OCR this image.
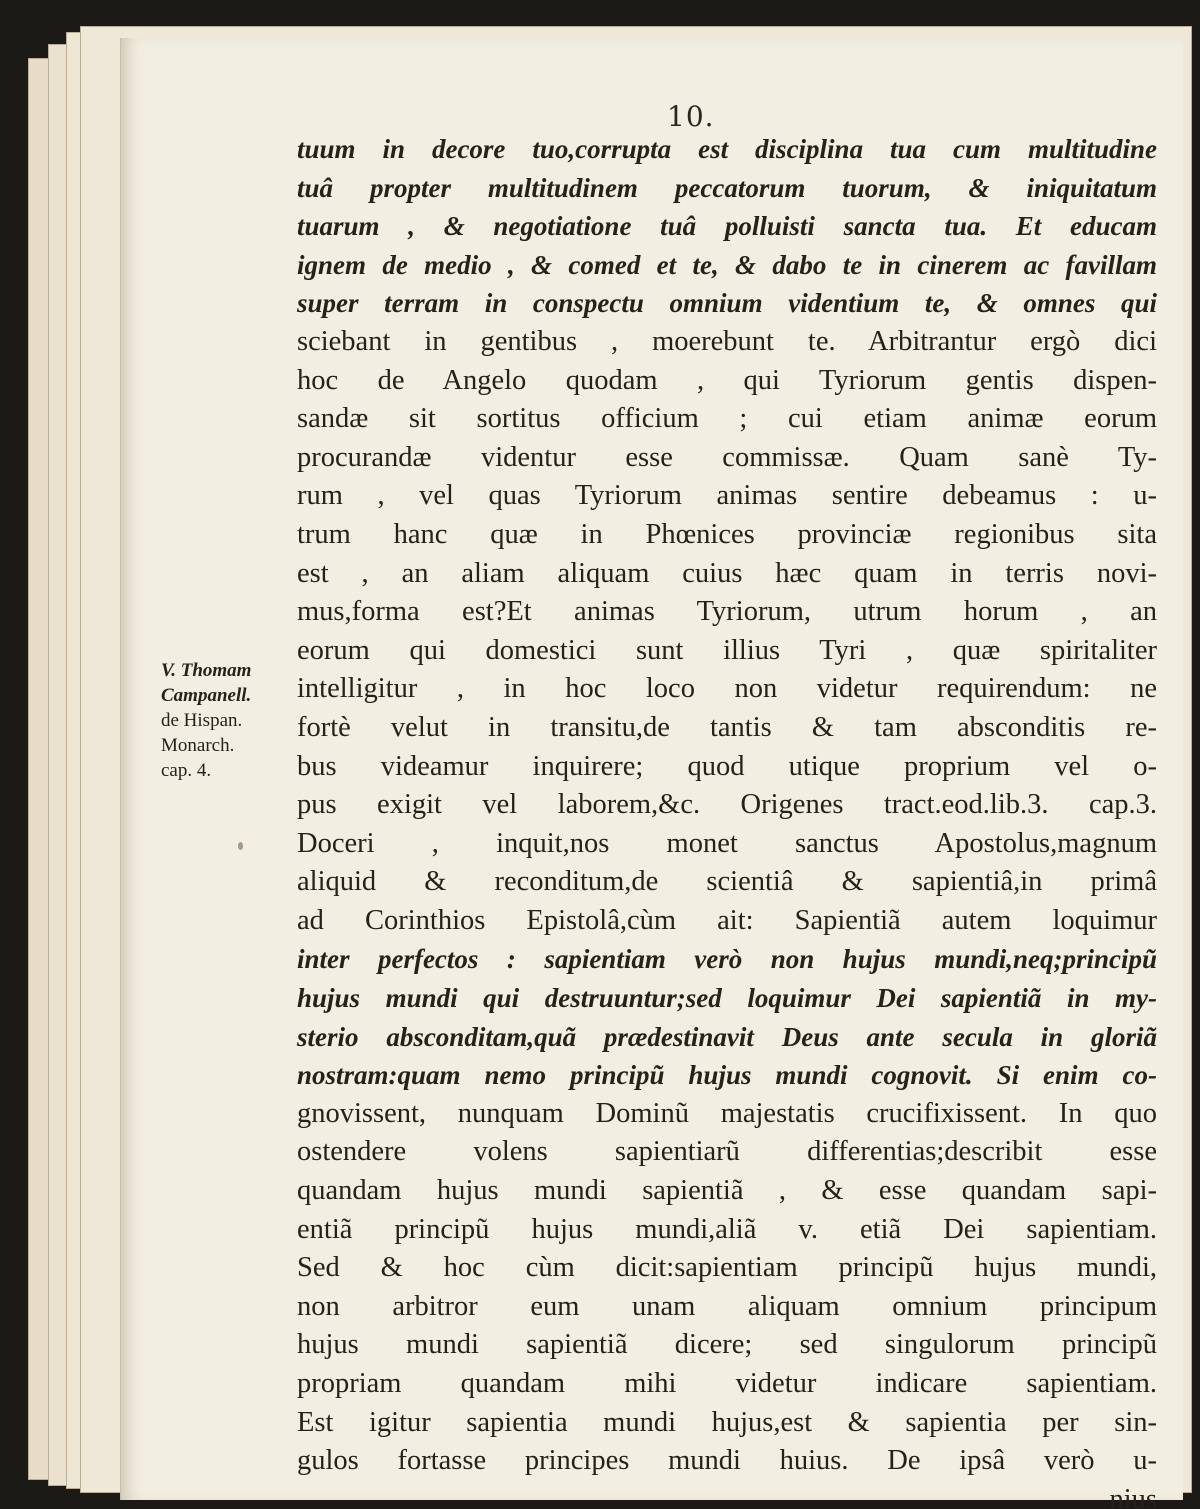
10.
V. Thomam
Campanell.
de Hispan.
Monarch.
cap. 4.
tuum in decore tuo,corrupta est disciplina tua cum multitudine
tuâ propter multitudinem peccatorum tuorum, & iniquitatum
tuarum , & negotiatione tuâ polluisti sancta tua. Et educam
ignem de medio , & comed et te, & dabo te in cinerem ac favillam
super terram in conspectu omnium videntium te, & omnes qui
sciebant in gentibus , moerebunt te. Arbitrantur ergò dici
hoc de Angelo quodam , qui Tyriorum gentis dispen-
sandæ sit sortitus officium ; cui etiam animæ eorum
procurandæ videntur esse commissæ. Quam sanè Ty-
rum , vel quas Tyriorum animas sentire debeamus : u-
trum hanc quæ in Phœnices provinciæ regionibus sita
est , an aliam aliquam cuius hæc quam in terris novi-
mus,forma est?Et animas Tyriorum, utrum horum , an
eorum qui domestici sunt illius Tyri , quæ spiritaliter
intelligitur , in hoc loco non videtur requirendum: ne
fortè velut in transitu,de tantis & tam absconditis re-
bus videamur inquirere; quod utique proprium vel o-
pus exigit vel laborem,&c. Origenes tract.eod.lib.3. cap.3.
Doceri , inquit,nos monet sanctus Apostolus,magnum
aliquid & reconditum,de scientiâ & sapientiâ,in primâ
ad Corinthios Epistolâ,cùm ait: Sapientiã autem loquimur
inter perfectos : sapientiam verò non hujus mundi,neq;principũ
hujus mundi qui destruuntur;sed loquimur Dei sapientiã in my-
sterio absconditam,quã prædestinavit Deus ante secula in gloriã
nostram:quam nemo principũ hujus mundi cognovit. Si enim co-
gnovissent, nunquam Dominũ majestatis crucifixissent. In quo
ostendere volens sapientiarũ differentias;describit esse
quandam hujus mundi sapientiã , & esse quandam sapi-
entiã principũ hujus mundi,aliã v. etiã Dei sapientiam.
Sed & hoc cùm dicit:sapientiam principũ hujus mundi,
non arbitror eum unam aliquam omnium principum
hujus mundi sapientiã dicere; sed singulorum principũ
propriam quandam mihi videtur indicare sapientiam.
Est igitur sapientia mundi hujus,est & sapientia per sin-
gulos fortasse principes mundi huius. De ipsâ verò u-
nius
